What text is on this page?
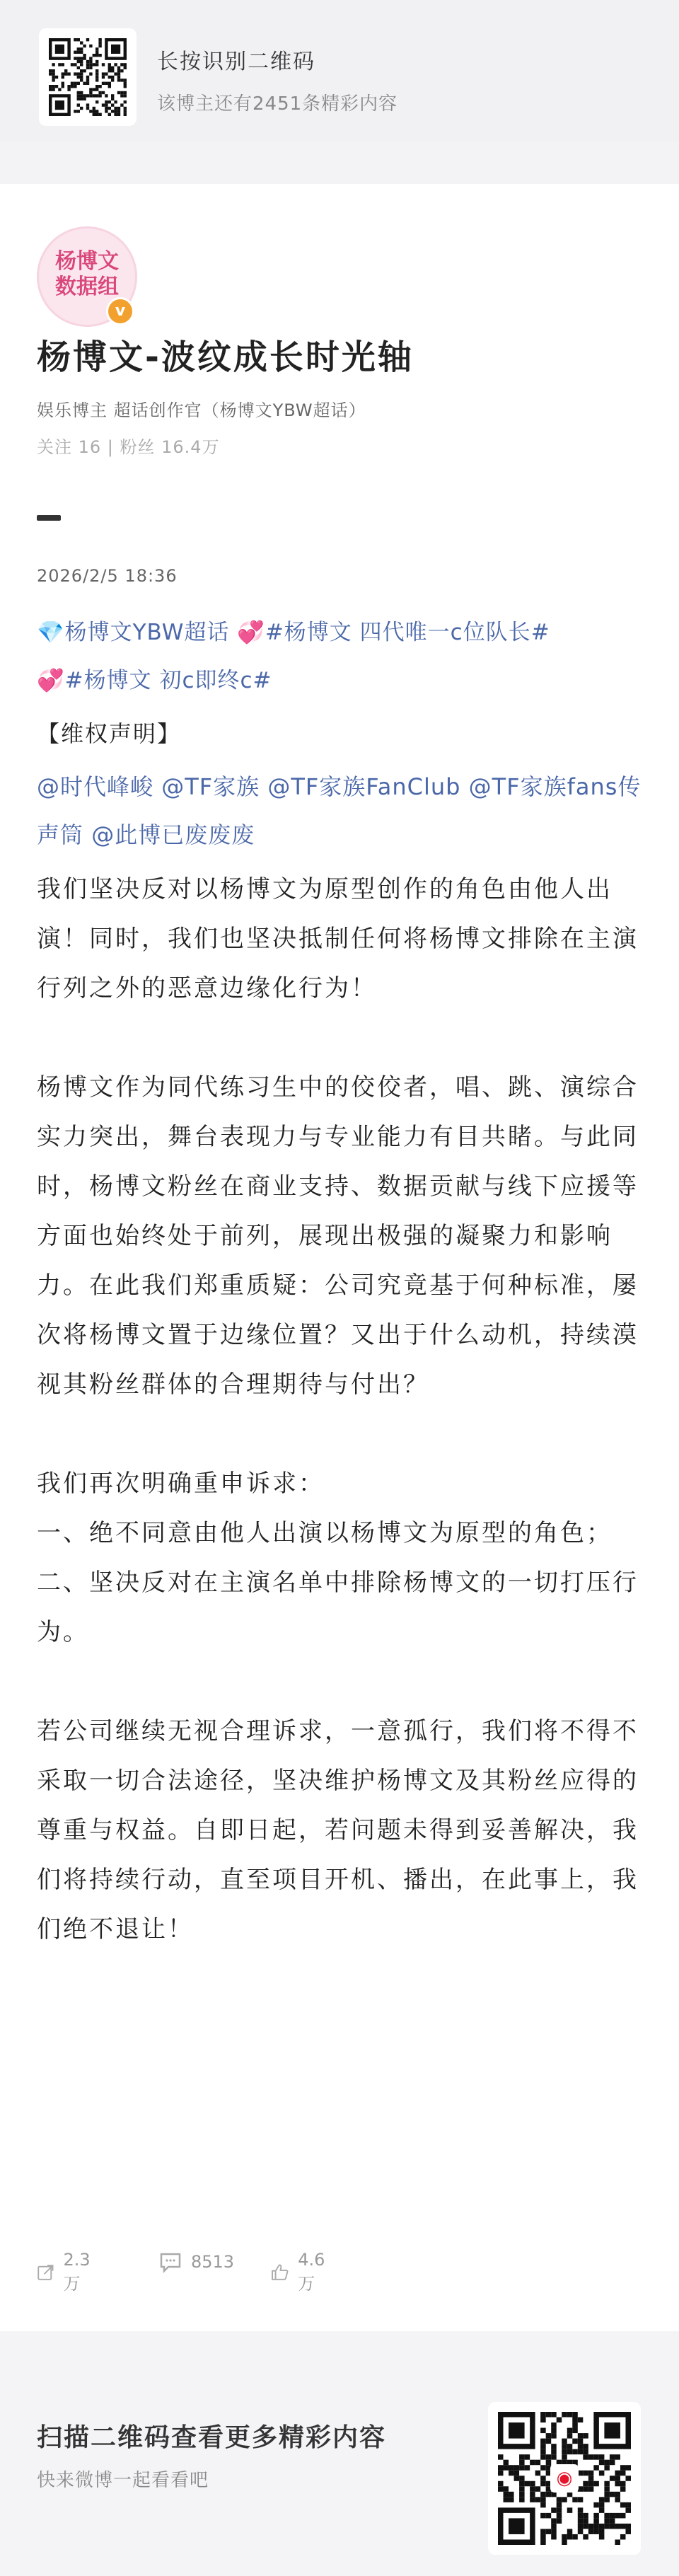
长按识别二维码
该博主还有2451条精彩内容
杨博文
数据组
v
杨博文-波纹成长时光轴
娱乐博主 超话创作官（杨博文YBW超话）
关注 16 | 粉丝 16.4万
2026/2/5 18:36
💎杨博文YBW超话 💞#杨博文 四代唯一c位队长#
💞#杨博文 初c即终c#
【维权声明】
@时代峰峻 @TF家族 @TF家族FanClub @TF家族fans传声筒 @此博已废废废

我们坚决反对以杨博文为原型创作的角色由他人出演！同时，我们也坚决抵制任何将杨博文排除在主演行列之外的恶意边缘化行为！

杨博文作为同代练习生中的佼佼者，唱、跳、演综合实力突出，舞台表现力与专业能力有目共睹。与此同时，杨博文粉丝在商业支持、数据贡献与线下应援等方面也始终处于前列，展现出极强的凝聚力和影响力。在此我们郑重质疑：公司究竟基于何种标准，屡次将杨博文置于边缘位置？又出于什么动机，持续漠视其粉丝群体的合理期待与付出？

我们再次明确重申诉求：

一、绝不同意由他人出演以杨博文为原型的角色；

二、坚决反对在主演名单中排除杨博文的一切打压行为。

若公司继续无视合理诉求，一意孤行，我们将不得不采取一切合法途径，坚决维护杨博文及其粉丝应得的尊重与权益。自即日起，若问题未得到妥善解决，我们将持续行动，直至项目开机、播出，在此事上，我们绝不退让！

2.3万
8513	4.6万
扫描二维码查看更多精彩内容
快来微博一起看看吧	◉
